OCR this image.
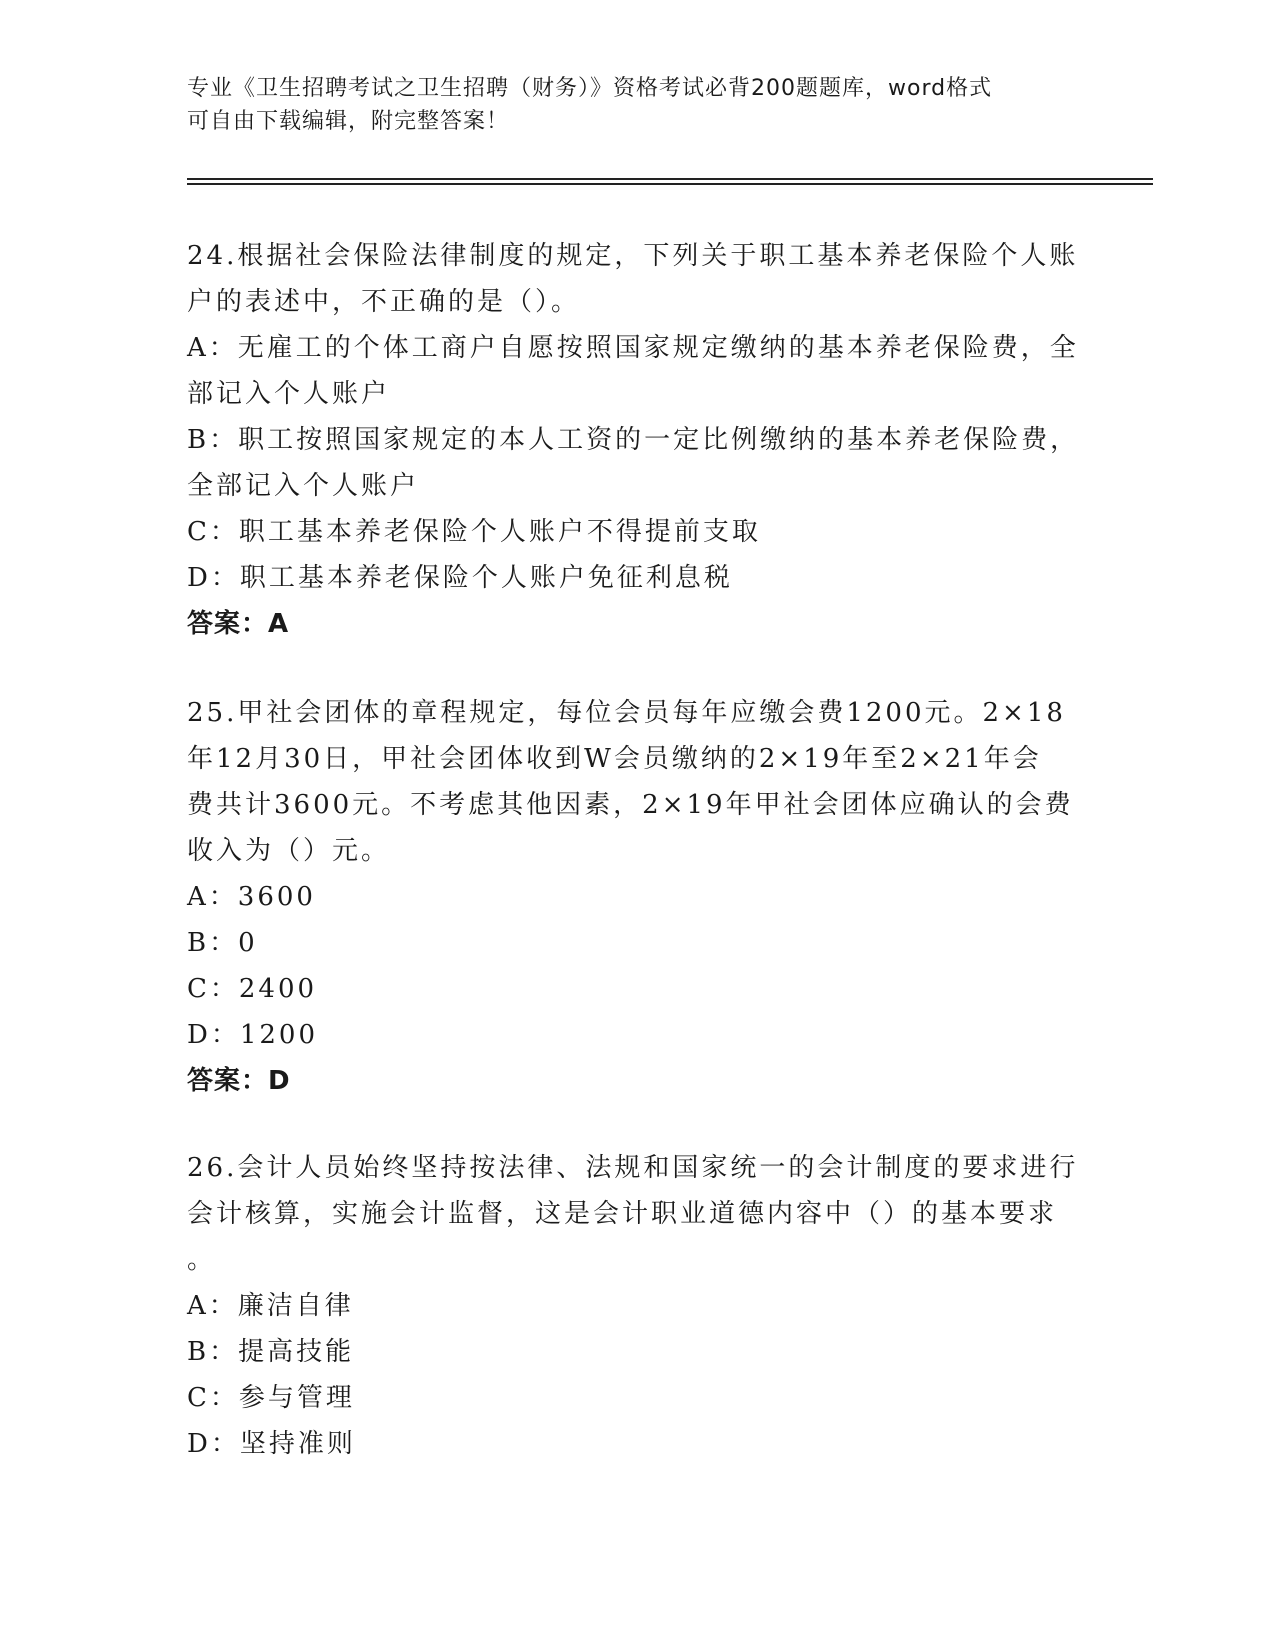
专业《卫生招聘考试之卫生招聘（财务）》资格考试必背200题题库，word格式
可自由下载编辑，附完整答案！
24.根据社会保险法律制度的规定，下列关于职工基本养老保险个人账
户的表述中，不正确的是（）。
A：无雇工的个体工商户自愿按照国家规定缴纳的基本养老保险费，全
部记入个人账户
B：职工按照国家规定的本人工资的一定比例缴纳的基本养老保险费，
全部记入个人账户
C：职工基本养老保险个人账户不得提前支取
D：职工基本养老保险个人账户免征利息税
答案：A
25.甲社会团体的章程规定，每位会员每年应缴会费1200元。2×18
年12月30日，甲社会团体收到W会员缴纳的2×19年至2×21年会
费共计3600元。不考虑其他因素，2×19年甲社会团体应确认的会费
收入为（）元。
A：3600
B：0
C：2400
D：1200
答案：D
26.会计人员始终坚持按法律、法规和国家统一的会计制度的要求进行
会计核算，实施会计监督，这是会计职业道德内容中（）的基本要求
。
A：廉洁自律
B：提高技能
C：参与管理
D：坚持准则
